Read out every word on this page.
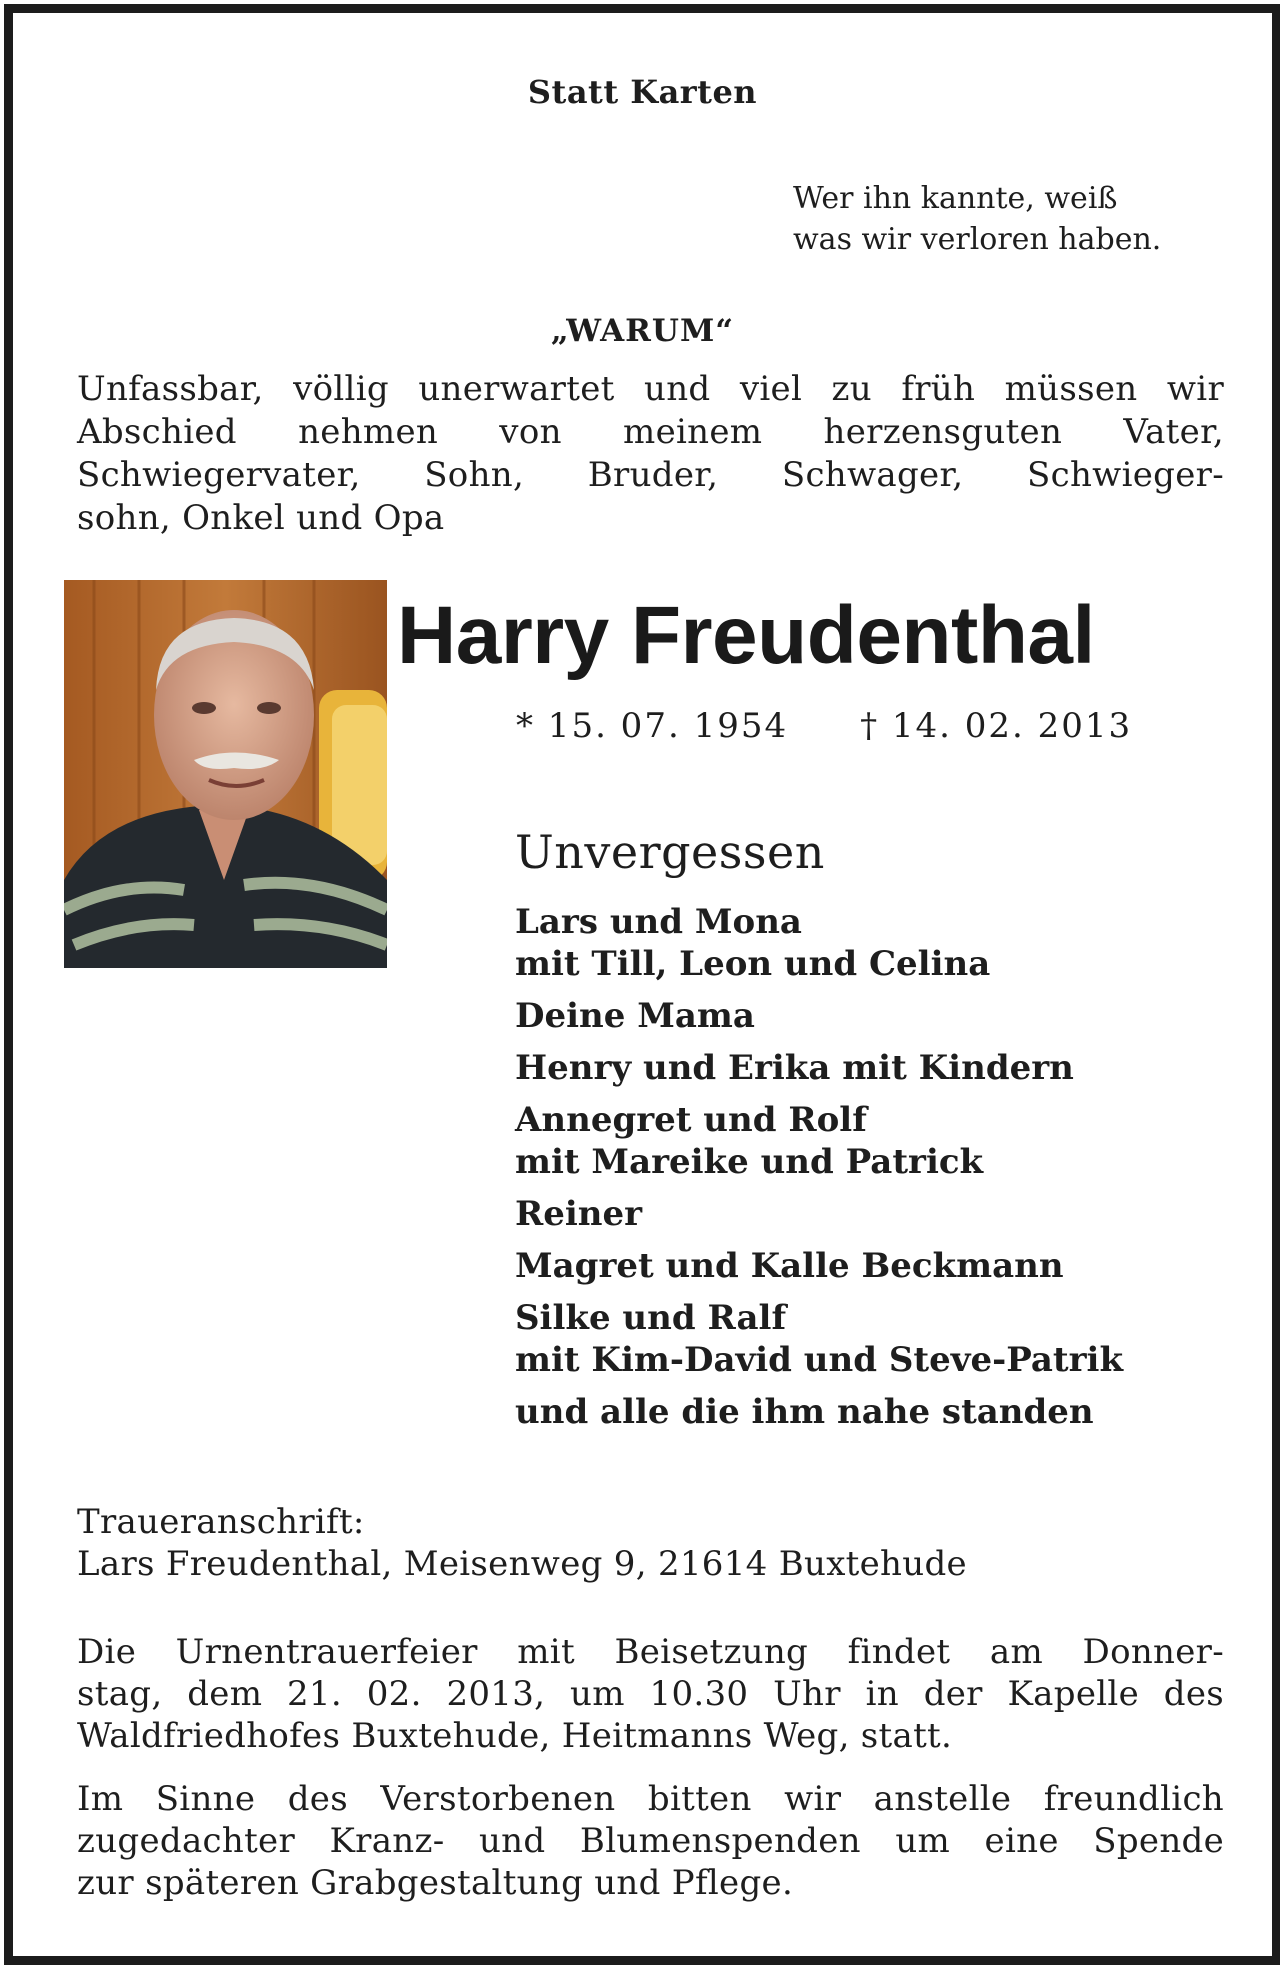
Statt Karten
Wer ihn kannte, weiß
was wir verloren haben.
„WARUM“
Unfassbar, völlig unerwartet und viel zu früh müssen wir
Abschied nehmen von meinem herzensguten Vater,
Schwiegervater, Sohn, Bruder, Schwager, Schwieger-
sohn, Onkel und Opa
Harry Freudenthal
* 15. 07. 1954 † 14. 02. 2013
Unvergessen
Lars und Mona
mit Till, Leon und Celina
Deine Mama
Henry und Erika mit Kindern
Annegret und Rolf
mit Mareike und Patrick
Reiner
Magret und Kalle Beckmann
Silke und Ralf
mit Kim-David und Steve-Patrik
und alle die ihm nahe standen
Traueranschrift:
Lars Freudenthal, Meisenweg 9, 21614 Buxtehude
Die Urnentrauerfeier mit Beisetzung findet am Donner-
stag, dem 21. 02. 2013, um 10.30 Uhr in der Kapelle des
Waldfriedhofes Buxtehude, Heitmanns Weg, statt.
Im Sinne des Verstorbenen bitten wir anstelle freundlich
zugedachter Kranz- und Blumenspenden um eine Spende
zur späteren Grabgestaltung und Pflege.
